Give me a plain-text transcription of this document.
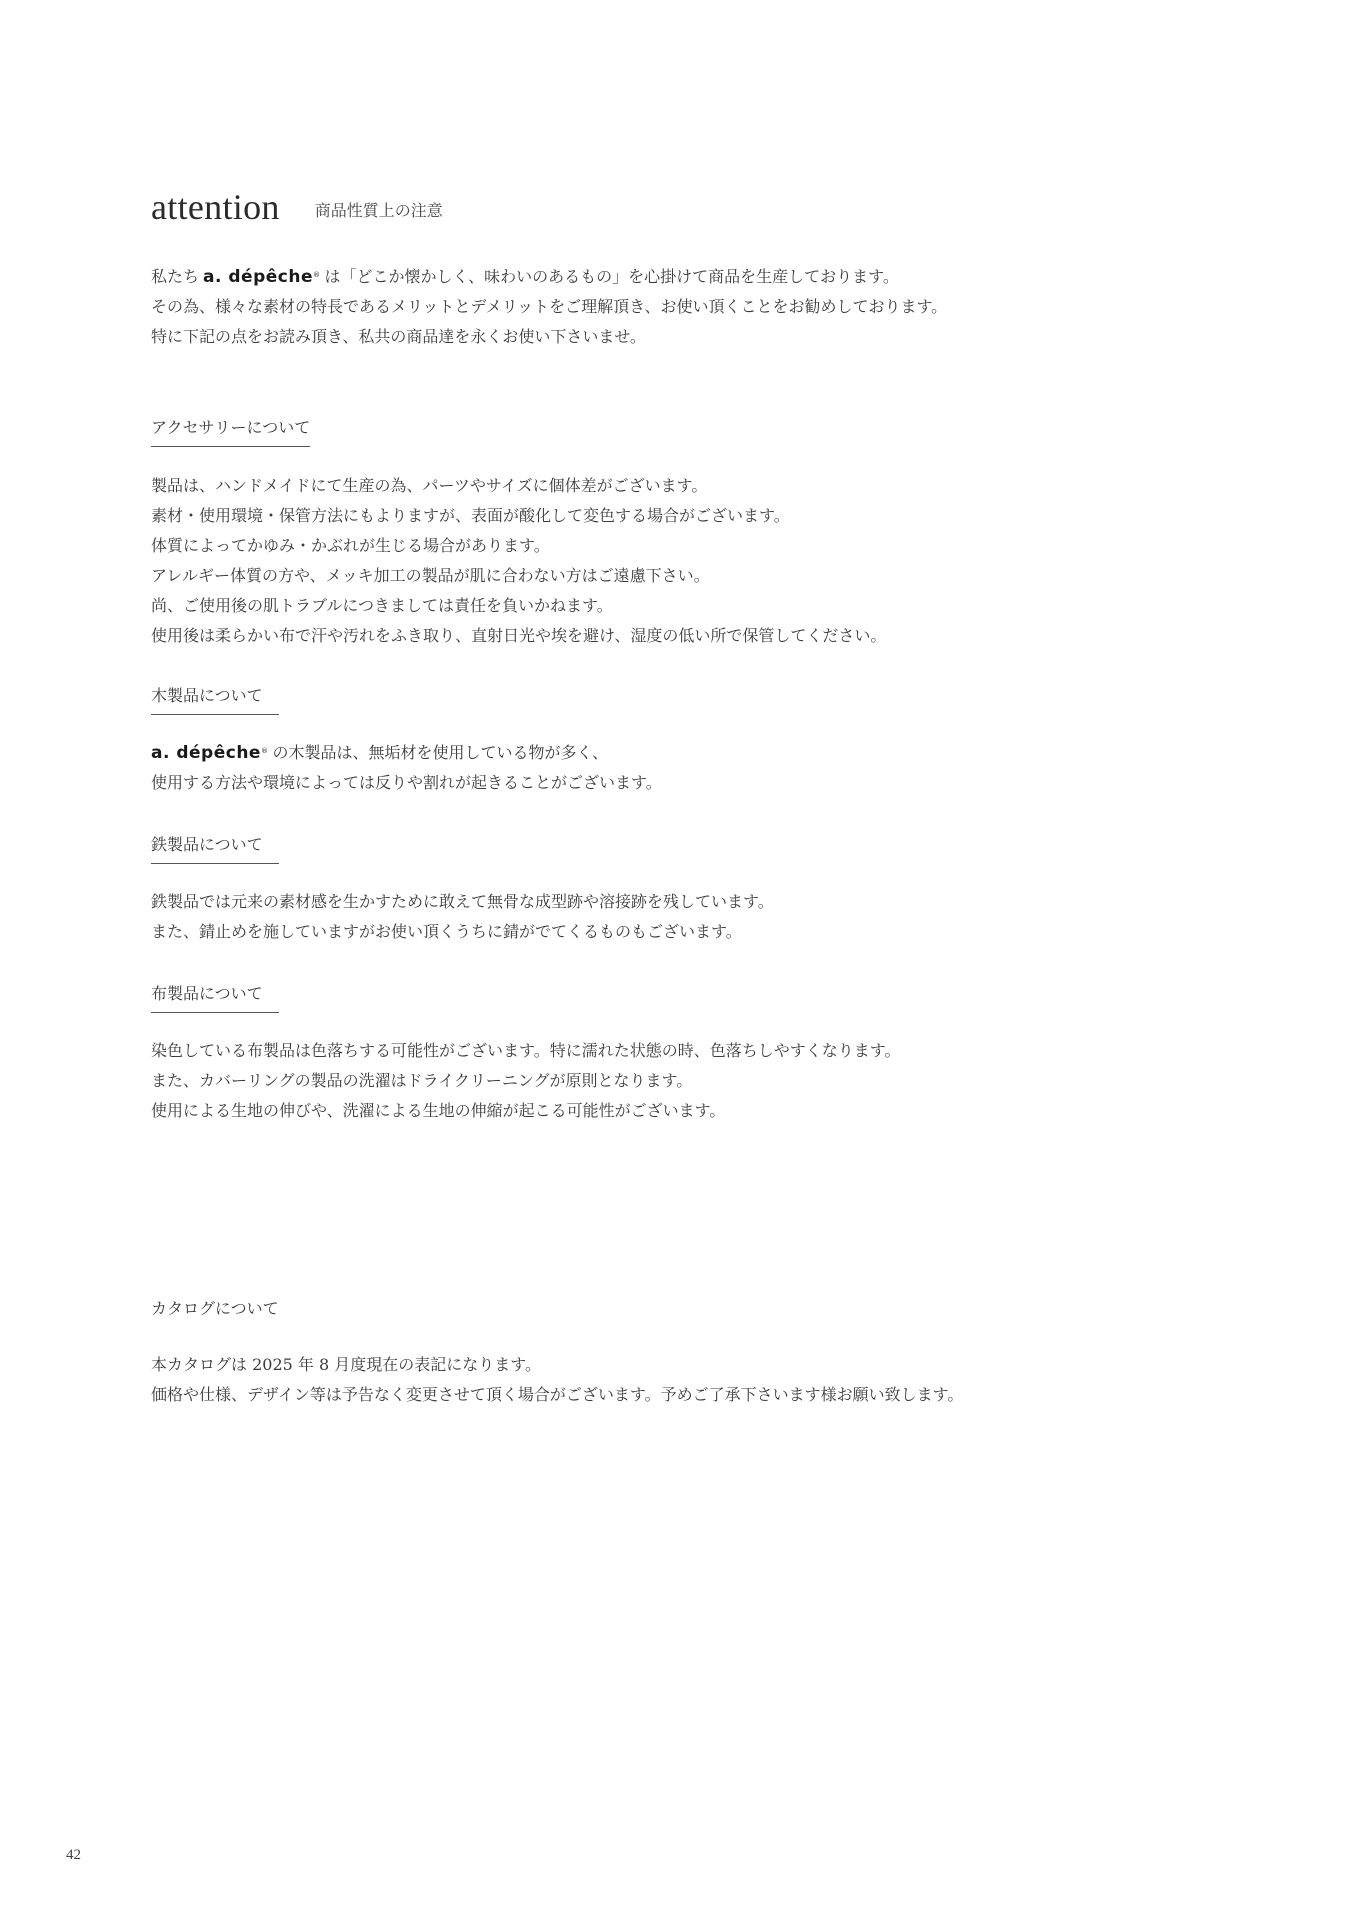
attention 商品性質上の注意
私たち a. dépêche® は「どこか懐かしく、味わいのあるもの」を心掛けて商品を生産しております。
その為、様々な素材の特長であるメリットとデメリットをご理解頂き、お使い頂くことをお勧めしております。
特に下記の点をお読み頂き、私共の商品達を永くお使い下さいませ。
アクセサリーについて
製品は、ハンドメイドにて生産の為、パーツやサイズに個体差がございます。
素材・使用環境・保管方法にもよりますが、表面が酸化して変色する場合がございます。
体質によってかゆみ・かぶれが生じる場合があります。
アレルギー体質の方や、メッキ加工の製品が肌に合わない方はご遠慮下さい。
尚、ご使用後の肌トラブルにつきましては責任を負いかねます。
使用後は柔らかい布で汗や汚れをふき取り、直射日光や埃を避け、湿度の低い所で保管してください。
木製品について
a. dépêche® の木製品は、無垢材を使用している物が多く、
使用する方法や環境によっては反りや割れが起きることがございます。
鉄製品について
鉄製品では元来の素材感を生かすために敢えて無骨な成型跡や溶接跡を残しています。
また、錆止めを施していますがお使い頂くうちに錆がでてくるものもございます。
布製品について
染色している布製品は色落ちする可能性がございます。特に濡れた状態の時、色落ちしやすくなります。
また、カバーリングの製品の洗濯はドライクリーニングが原則となります。
使用による生地の伸びや、洗濯による生地の伸縮が起こる可能性がございます。
カタログについて
本カタログは 2025 年 8 月度現在の表記になります。
価格や仕様、デザイン等は予告なく変更させて頂く場合がございます。予めご了承下さいます様お願い致します。
42
